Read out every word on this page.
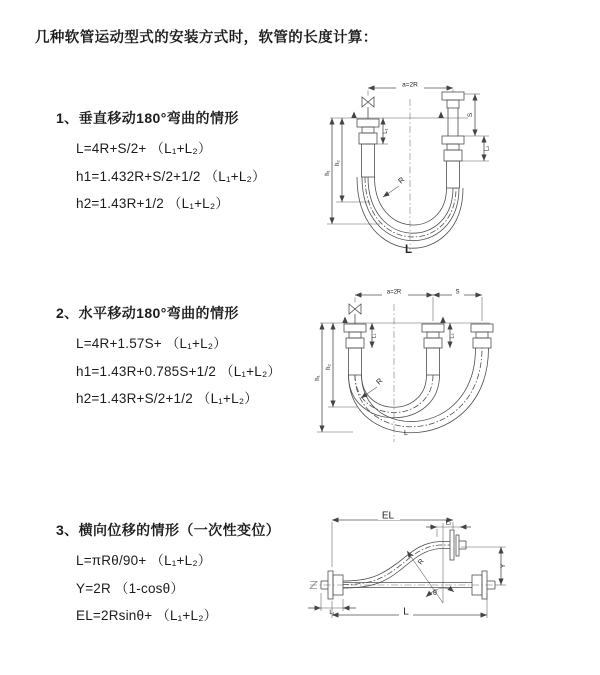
几种软管运动型式的安装方式时，软管的长度计算：
1、垂直移动180°弯曲的情形
L=4R+S/2+ （L₁+L₂）
h1=1.432R+S/2+1/2 （L₁+L₂）
h2=1.43R+1/2 （L₁+L₂）
2、水平移动180°弯曲的情形
L=4R+1.57S+ （L₁+L₂）
h1=1.43R+0.785S+1/2 （L₁+L₂）
h2=1.43R+S/2+1/2 （L₁+L₂）
3、横向位移的情形（一次性变位）
L=πRθ/90+ （L₁+L₂）
Y=2R （1-cosθ）
EL=2Rsinθ+ （L₁+L₂）
a=2R
h₁
h₂
L₁
S
L₂
R
L
a=2R	S
h₁
h₂
L₁	L₂
R
L
EL
L₂
Y
R
θ
L
L₁
